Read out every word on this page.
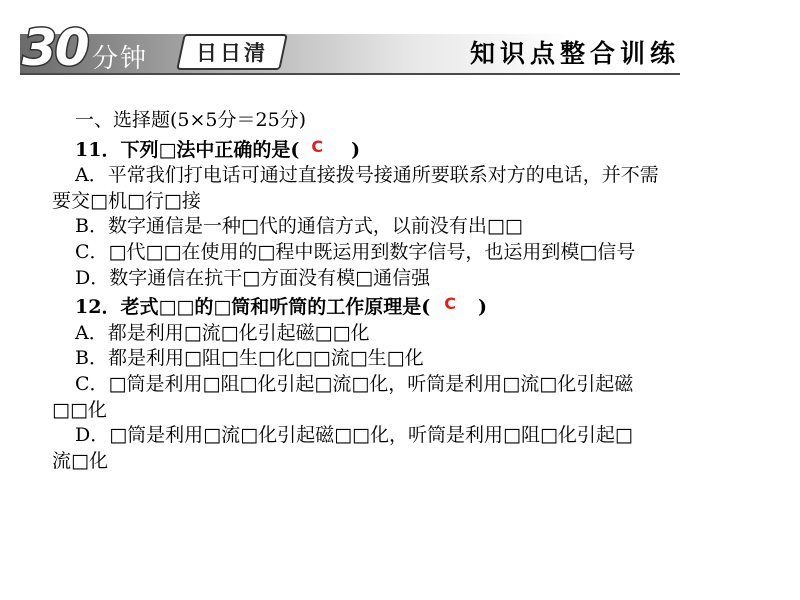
30 分钟 日日清	知识点整合训练
一、选择题(5×5分＝25分)
11．下列□法中正确的是( C )
A．平常我们打电话可通过直接拨号接通所要联系对方的电话，并不需
要交□机□行□接
B．数字通信是一种□代的通信方式，以前没有出□□
C．□代□□在使用的□程中既运用到数字信号，也运用到模□信号
D．数字通信在抗干□方面没有模□通信强
12．老式□□的□筒和听筒的工作原理是( C )
A．都是利用□流□化引起磁□□化
B．都是利用□阻□生□化□□流□生□化
C．□筒是利用□阻□化引起□流□化，听筒是利用□流□化引起磁
□□化
D．□筒是利用□流□化引起磁□□化，听筒是利用□阻□化引起□
流□化
